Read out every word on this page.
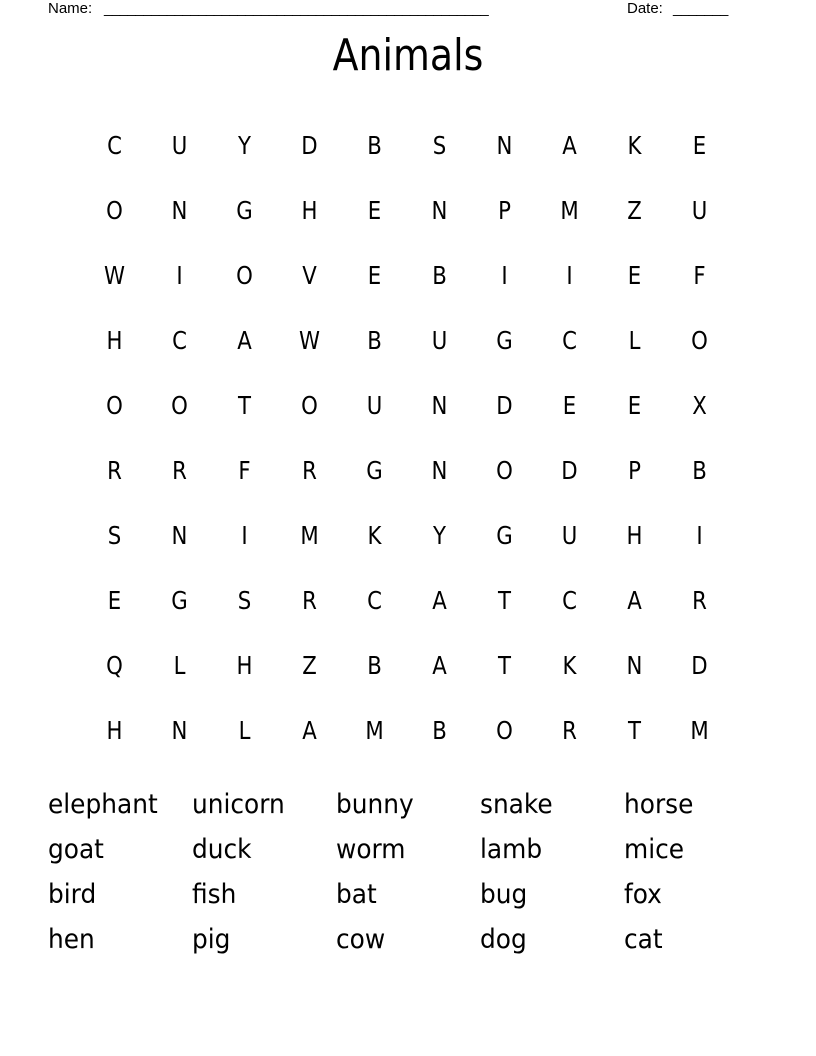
Name: _________________________________________________	Date: _______
Animals
C	U	Y	D	B	S	N	A	K	E
O	N	G	H	E	N	P	M	Z	U
W	I	O	V	E	B	I	I	E	F
H	C	A	W	B	U	G	C	L	O
O	O	T	O	U	N	D	E	E	X
R	R	F	R	G	N	O	D	P	B
S	N	I	M	K	Y	G	U	H	I
E	G	S	R	C	A	T	C	A	R
Q	L	H	Z	B	A	T	K	N	D
H	N	L	A	M	B	O	R	T	M
elephant	unicorn	bunny	snake	horse
goat	duck	worm	lamb	mice
bird	fish	bat	bug	fox
hen	pig	cow	dog	cat
